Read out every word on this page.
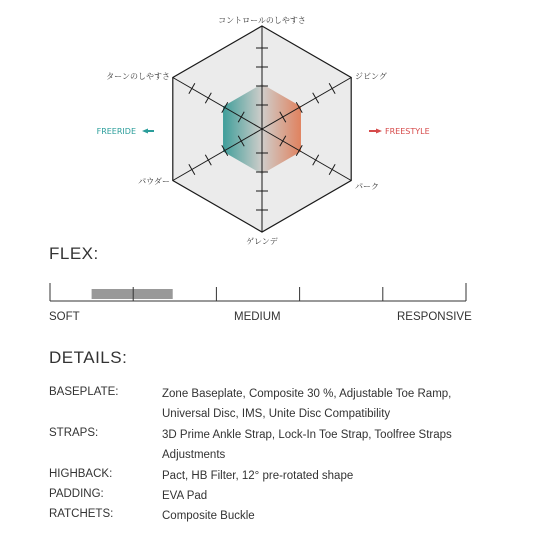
コントロールのしやすさ
ジビング
パーク
ゲレンデ
パウダー
ターンのしやすさ
FREERIDE	FREESTYLE
FLEX:
SOFT	MEDIUM	RESPONSIVE
DETAILS:
BASEPLATE:	Zone Baseplate, Composite 30 %, Adjustable Toe Ramp, Universal Disc, IMS, Unite Disc Compatibility
STRAPS:	3D Prime Ankle Strap, Lock-In Toe Strap, Toolfree Straps Adjustments
HIGHBACK:	Pact, HB Filter, 12° pre-rotated shape
PADDING:	EVA Pad
RATCHETS:	Composite Buckle
